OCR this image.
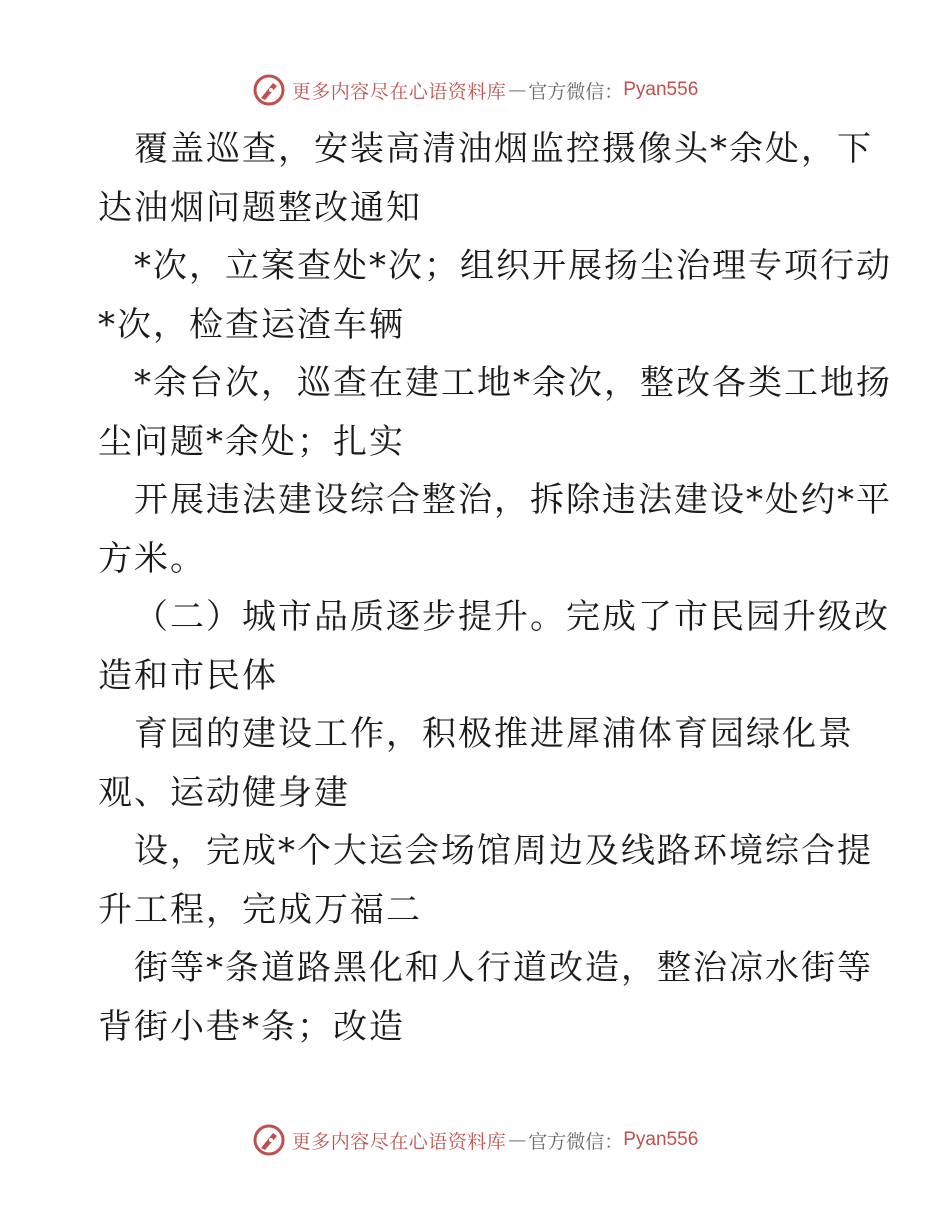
更多内容尽在心语资料库 — 官方微信： Pyan556
覆盖巡查，安装高清油烟监控摄像头*余处，下
达油烟问题整改通知
*次，立案查处*次；组织开展扬尘治理专项行动
*次，检查运渣车辆
*余台次，巡查在建工地*余次，整改各类工地扬
尘问题*余处；扎实
开展违法建设综合整治，拆除违法建设*处约*平
方米。
（二）城市品质逐步提升。完成了市民园升级改
造和市民体
育园的建设工作，积极推进犀浦体育园绿化景
观、运动健身建
设，完成*个大运会场馆周边及线路环境综合提
升工程，完成万福二
街等*条道路黑化和人行道改造，整治凉水街等
背街小巷*条；改造
更多内容尽在心语资料库 — 官方微信： Pyan556
